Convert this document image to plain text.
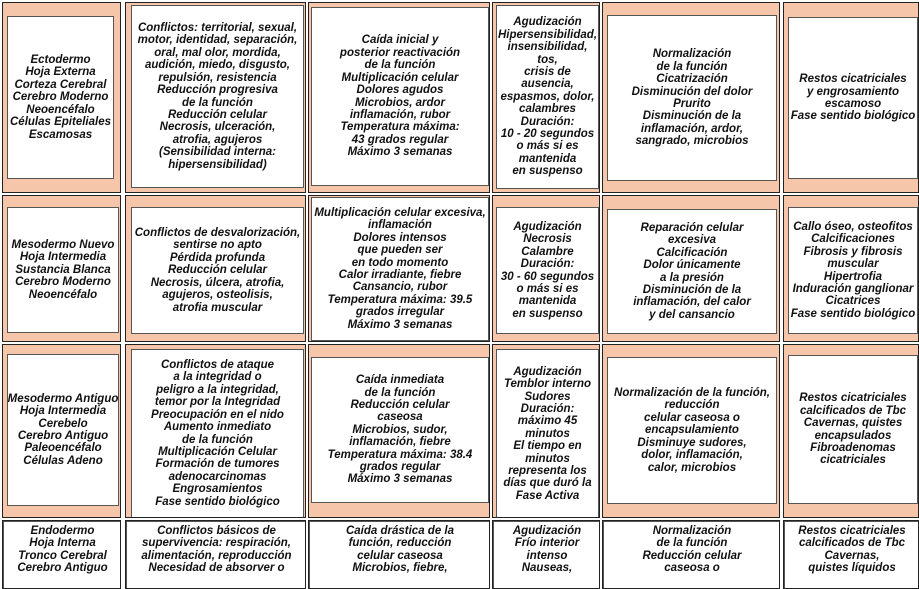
Ectodermo
Hoja Externa
Corteza Cerebral
Cerebro Moderno
Neoencéfalo
Células Epiteliales
Escamosas
Conflictos: territorial, sexual,
motor, identidad, separación,
oral, mal olor, mordida,
audición, miedo, disgusto,
repulsión, resistencia
Reducción progresiva
de la función
Reducción celular
Necrosis, ulceración,
atrofia, agujeros
(Sensibilidad interna:
hipersensibilidad)
Caída inicial y
posterior reactivación
de la función
Multiplicación celular
Dolores agudos
Microbios, ardor
inflamación, rubor
Temperatura máxima:
43 grados regular
Máximo 3 semanas
Agudización
Hipersensibilidad,
insensibilidad,
tos,
crisis de
ausencia,
espasmos, dolor,
calambres
Duración:
10 - 20 segundos
o más si es
mantenida
en suspenso
Normalización
de la función
Cicatrización
Disminución del dolor
Prurito
Disminución de la
inflamación, ardor,
sangrado, microbios
Restos cicatriciales
y engrosamiento
escamoso
Fase sentido biológico
Mesodermo Nuevo
Hoja Intermedia
Sustancia Blanca
Cerebro Moderno
Neoencéfalo
Conflictos de desvalorización,
sentirse no apto
Pérdida profunda
Reducción celular
Necrosis, úlcera, atrofia,
agujeros, osteolisis,
atrofia muscular
Multiplicación celular excesiva,
inflamación
Dolores intensos
que pueden ser
en todo momento
Calor irradiante, fiebre
Cansancio, rubor
Temperatura máxima: 39.5
grados irregular
Máximo 3 semanas
Agudización
Necrosis
Calambre
Duración:
30 - 60 segundos
o más si es
mantenida
en suspenso
Reparación celular
excesiva
Calcificación
Dolor únicamente
a la presión
Disminución de la
inflamación, del calor
y del cansancio
Callo óseo, osteofitos
Calcificaciones
Fibrosis y fibrosis
muscular
Hipertrofia
Induración ganglionar
Cicatrices
Fase sentido biológico
Mesodermo Antiguo
Hoja Intermedia
Cerebelo
Cerebro Antiguo
Paleoencéfalo
Células Adeno
Conflictos de ataque
a la integridad o
peligro a la integridad,
temor por la Integridad
Preocupación en el nido
Aumento inmediato
de la función
Multiplicación Celular
Formación de tumores
adenocarcinomas
Engrosamientos
Fase sentido biológico
Caída inmediata
de la función
Reducción celular
caseosa
Microbios, sudor,
inflamación, fiebre
Temperatura máxima: 38.4
grados regular
Máximo 3 semanas
Agudización
Temblor interno
Sudores
Duración:
máximo 45
minutos
El tiempo en
minutos
representa los
días que duró la
Fase Activa
Normalización de la función,
reducción
celular caseosa o
encapsulamiento
Disminuye sudores,
dolor, inflamación,
calor, microbios
Restos cicatriciales
calcificados de Tbc
Cavernas, quistes
encapsulados
Fibroadenomas
cicatriciales
Endodermo
Hoja Interna
Tronco Cerebral
Cerebro Antiguo
Conflictos básicos de
supervivencia: respiración,
alimentación, reproducción
Necesidad de absorver o
Caída drástica de la
función, reducción
celular caseosa
Microbios, fiebre,
Agudización
Frío interior
intenso
Nauseas,
Normalización
de la función
Reducción celular
caseosa o
Restos cicatriciales
calcificados de Tbc
Cavernas,
quistes líquidos
